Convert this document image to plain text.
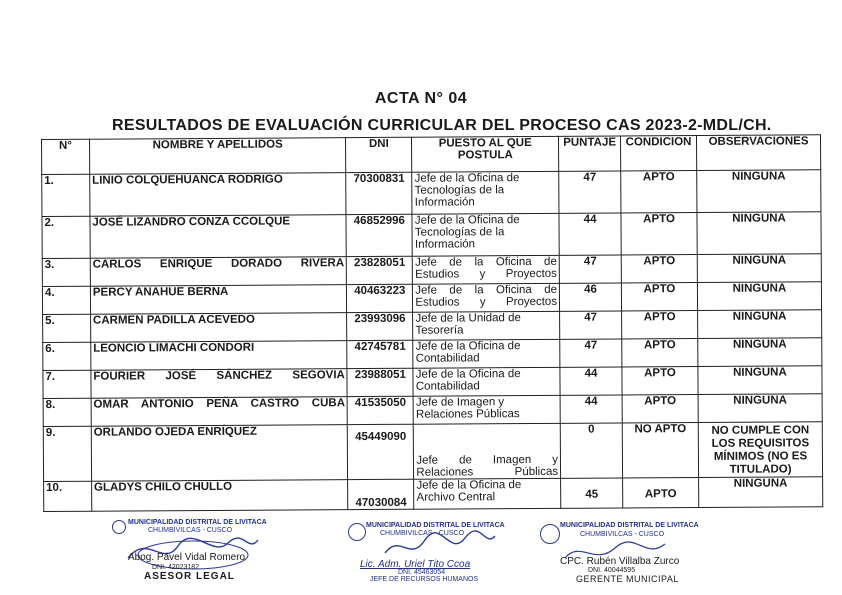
ACTA N° 04
RESULTADOS DE EVALUACIÓN CURRICULAR DEL PROCESO CAS 2023-2-MDL/CH.
N°	NOMBRE Y APELLIDOS	DNI	PUESTO AL QUE POSTULA	PUNTAJE	CONDICION	OBSERVACIONES
1.	LINIO COLQUEHUANCA RODRIGO	70300831	Jefe de la Oficina de Tecnologías de la Información	47	APTO	NINGUNA
2.	JOSÉ LIZANDRO CONZA CCOLQUE	46852996	Jefe de la Oficina de Tecnologías de la Información	44	APTO	NINGUNA
3.	CARLOS ENRIQUE DORADO RIVERA	23828051	Jefe de la Oficina de Estudios y Proyectos	47	APTO	NINGUNA
4.	PERCY ANAHUE BERNA	40463223	Jefe de la Oficina de Estudios y Proyectos	46	APTO	NINGUNA
5.	CARMEN PADILLA ACEVEDO	23993096	Jefe de la Unidad de Tesorería	47	APTO	NINGUNA
6.	LEONCIO LIMACHI CONDORI	42745781	Jefe de la Oficina de Contabilidad	47	APTO	NINGUNA
7.	FOURIER JOSÉ SÁNCHEZ SEGOVIA	23988051	Jefe de la Oficina de Contabilidad	44	APTO	NINGUNA
8.	OMAR ANTONIO PEÑA CASTRO CUBA	41535050	Jefe de Imagen y Relaciones Públicas	44	APTO	NINGUNA
9.	ORLANDO OJEDA ENRÍQUEZ	45449090	Jefe de Imagen y Relaciones Públicas	0	NO APTO	NO CUMPLE CON LOS REQUISITOS MÍNIMOS (NO ES TITULADO)
10.	GLADYS CHILO CHULLO	47030084	Jefe de la Oficina de Archivo Central	45	APTO	NINGUNA
MUNICIPALIDAD DISTRITAL DE LIVITACA
CHUMBIVILCAS - CUSCO
Abog. Pável Vidal Romero
DNI. 42023182
ASESOR LEGAL
MUNICIPALIDAD DISTRITAL DE LIVITACA
CHUMBIVILCAS - CUSCO
Lic. Adm. Uriel Tito Ccoa
DNI. 45463054
JEFE DE RECURSOS HUMANOS
MUNICIPALIDAD DISTRITAL DE LIVITACA
CHUMBIVILCAS - CUSCO
CPC. Rubén Villalba Zurco
DNI. 40044595
GERENTE MUNICIPAL
